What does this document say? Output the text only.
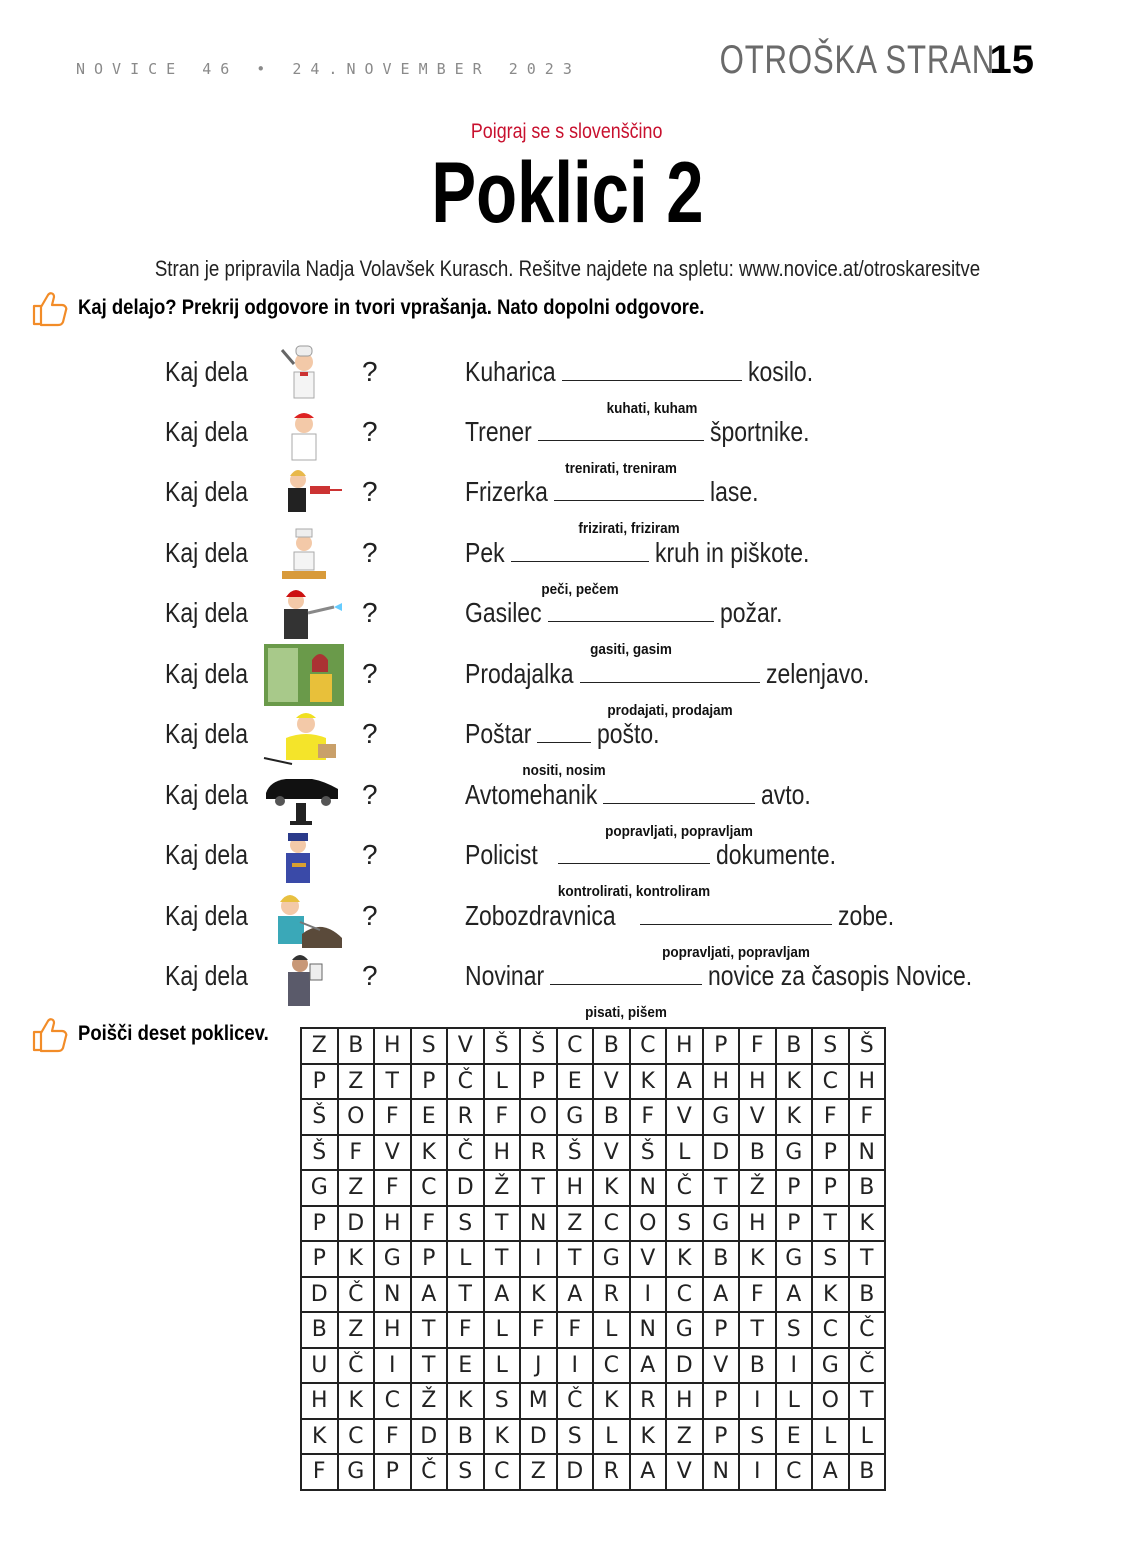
NOVICE 46 • 24.NOVEMBER 2023	OTROŠKA STRAN
15
Poigraj se s slovenščino
Poklici 2
Stran je pripravila Nadja Volavšek Kurasch. Rešitve najdete na spletu: www.novice.at/otroskaresitve
Kaj delajo? Prekrij odgovore in tvori vprašanja. Nato dopolni odgovore.
Kaj dela	?	Kuharica
kuhati, kuham
kosilo.
Kaj dela	?	Trener
trenirati, treniram
športnike.
Kaj dela	?	Frizerka
frizirati, friziram
lase.
Kaj dela	?	Pek
peči, pečem
kruh in piškote.
Kaj dela	?	Gasilec
gasiti, gasim
požar.
Kaj dela	?	Prodajalka
prodajati, prodajam
zelenjavo.
Kaj dela	?	Poštar
nositi, nosim
pošto.
Kaj dela	?	Avtomehanik
popravljati, popravljam
avto.
Kaj dela	?	Policist
kontrolirati, kontroliram
dokumente.
Kaj dela	?	Zobozdravnica
popravljati, popravljam
zobe.
Kaj dela	?	Novinar
pisati, pišem
novice za časopis Novice.
Poišči deset poklicev. Z	B	H	S	V	Š	Š	C	B	C	H	P	F	B	S	Š
P	Z	T	P	Č	L	P	E	V	K	A	H	H	K	C	H
Š	O	F	E	R	F	O	G	B	F	V	G	V	K	F	F
Š	F	V	K	Č	H	R	Š	V	Š	L	D	B	G	P	N
G	Z	F	C	D	Ž	T	H	K	N	Č	T	Ž	P	P	B
P	D	H	F	S	T	N	Z	C	O	S	G	H	P	T	K
P	K	G	P	L	T	I	T	G	V	K	B	K	G	S	T
D	Č	N	A	T	A	K	A	R	I	C	A	F	A	K	B
B	Z	H	T	F	L	F	F	L	N	G	P	T	S	C	Č
U	Č	I	T	E	L	J	I	C	A	D	V	B	I	G	Č
H	K	C	Ž	K	S	M	Č	K	R	H	P	I	L	O	T
K	C	F	D	B	K	D	S	L	K	Z	P	S	E	L	L
F	G	P	Č	S	C	Z	D	R	A	V	N	I	C	A	B
